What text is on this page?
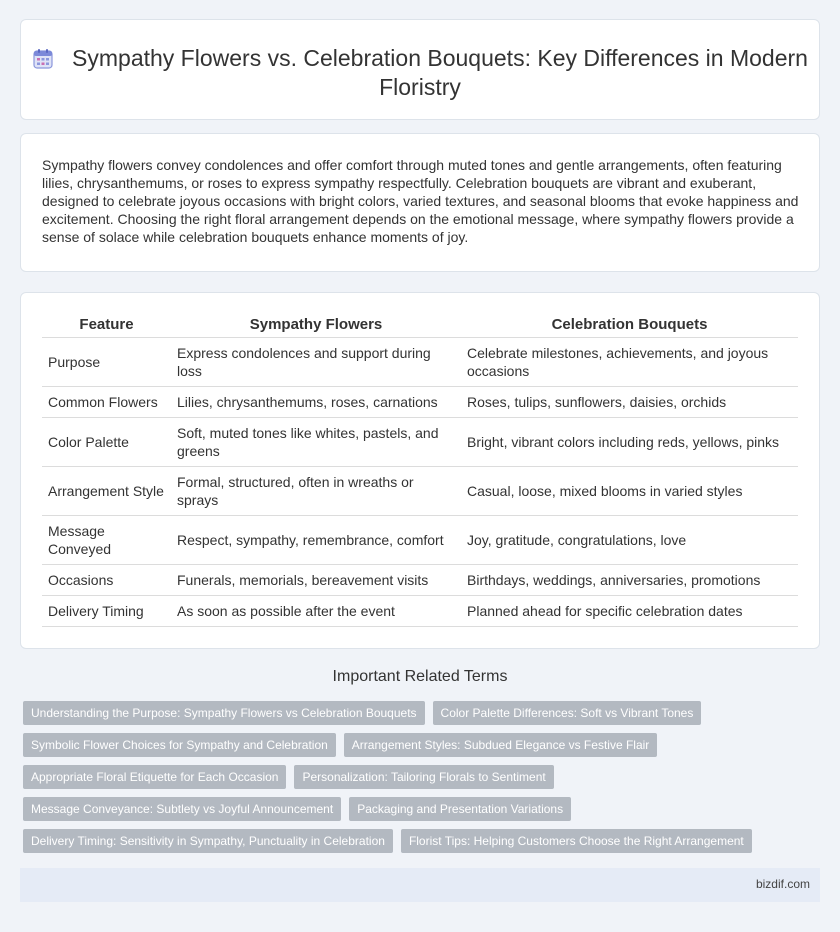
Sympathy Flowers vs. Celebration Bouquets: Key Differences in Modern Floristry

Sympathy flowers convey condolences and offer comfort through muted tones and gentle arrangements, often featuring lilies, chrysanthemums, or roses to express sympathy respectfully. Celebration bouquets are vibrant and exuberant, designed to celebrate joyous occasions with bright colors, varied textures, and seasonal blooms that evoke happiness and excitement. Choosing the right floral arrangement depends on the emotional message, where sympathy flowers provide a sense of solace while celebration bouquets enhance moments of joy.

Feature	Sympathy Flowers	Celebration Bouquets
Purpose	Express condolences and support during loss	Celebrate milestones, achievements, and joyous occasions
Common Flowers	Lilies, chrysanthemums, roses, carnations	Roses, tulips, sunflowers, daisies, orchids
Color Palette	Soft, muted tones like whites, pastels, and greens	Bright, vibrant colors including reds, yellows, pinks
Arrangement Style	Formal, structured, often in wreaths or sprays	Casual, loose, mixed blooms in varied styles
Message Conveyed	Respect, sympathy, remembrance, comfort	Joy, gratitude, congratulations, love
Occasions	Funerals, memorials, bereavement visits	Birthdays, weddings, anniversaries, promotions
Delivery Timing	As soon as possible after the event	Planned ahead for specific celebration dates
Important Related Terms
Understanding the Purpose: Sympathy Flowers vs Celebration Bouquets	Color Palette Differences: Soft vs Vibrant Tones
Symbolic Flower Choices for Sympathy and Celebration	Arrangement Styles: Subdued Elegance vs Festive Flair
Appropriate Floral Etiquette for Each Occasion	Personalization: Tailoring Florals to Sentiment
Message Conveyance: Subtlety vs Joyful Announcement	Packaging and Presentation Variations
Delivery Timing: Sensitivity in Sympathy, Punctuality in Celebration	Florist Tips: Helping Customers Choose the Right Arrangement
bizdif.com
